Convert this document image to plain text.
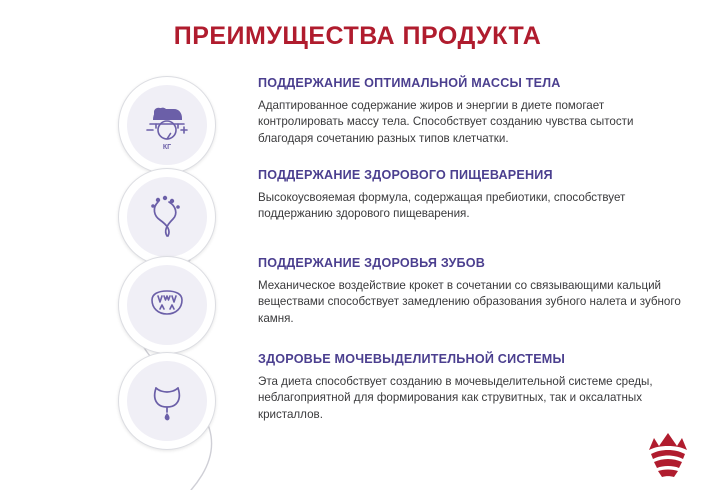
ПРЕИМУЩЕСТВА ПРОДУКТА
КГ
ПОДДЕРЖАНИЕ ОПТИМАЛЬНОЙ МАССЫ ТЕЛА

Адаптированное содержание жиров и энергии в диете помогает контролировать массу тела. Способствует созданию чувства сытости благодаря сочетанию разных типов клетчатки.

ПОДДЕРЖАНИЕ ЗДОРОВОГО ПИЩЕВАРЕНИЯ

Высокоусвояемая формула, содержащая пребиотики, способствует поддержанию здорового пищеварения.

ПОДДЕРЖАНИЕ ЗДОРОВЬЯ ЗУБОВ

Механическое воздействие крокет в сочетании со связывающими кальций веществами способствует замедлению образования зубного налета и зубного камня.

ЗДОРОВЬЕ МОЧЕВЫДЕЛИТЕЛЬНОЙ СИСТЕМЫ

Эта диета способствует созданию в мочевыделительной системе среды, неблагоприятной для формирования как струвитных, так и оксалатных кристаллов.
